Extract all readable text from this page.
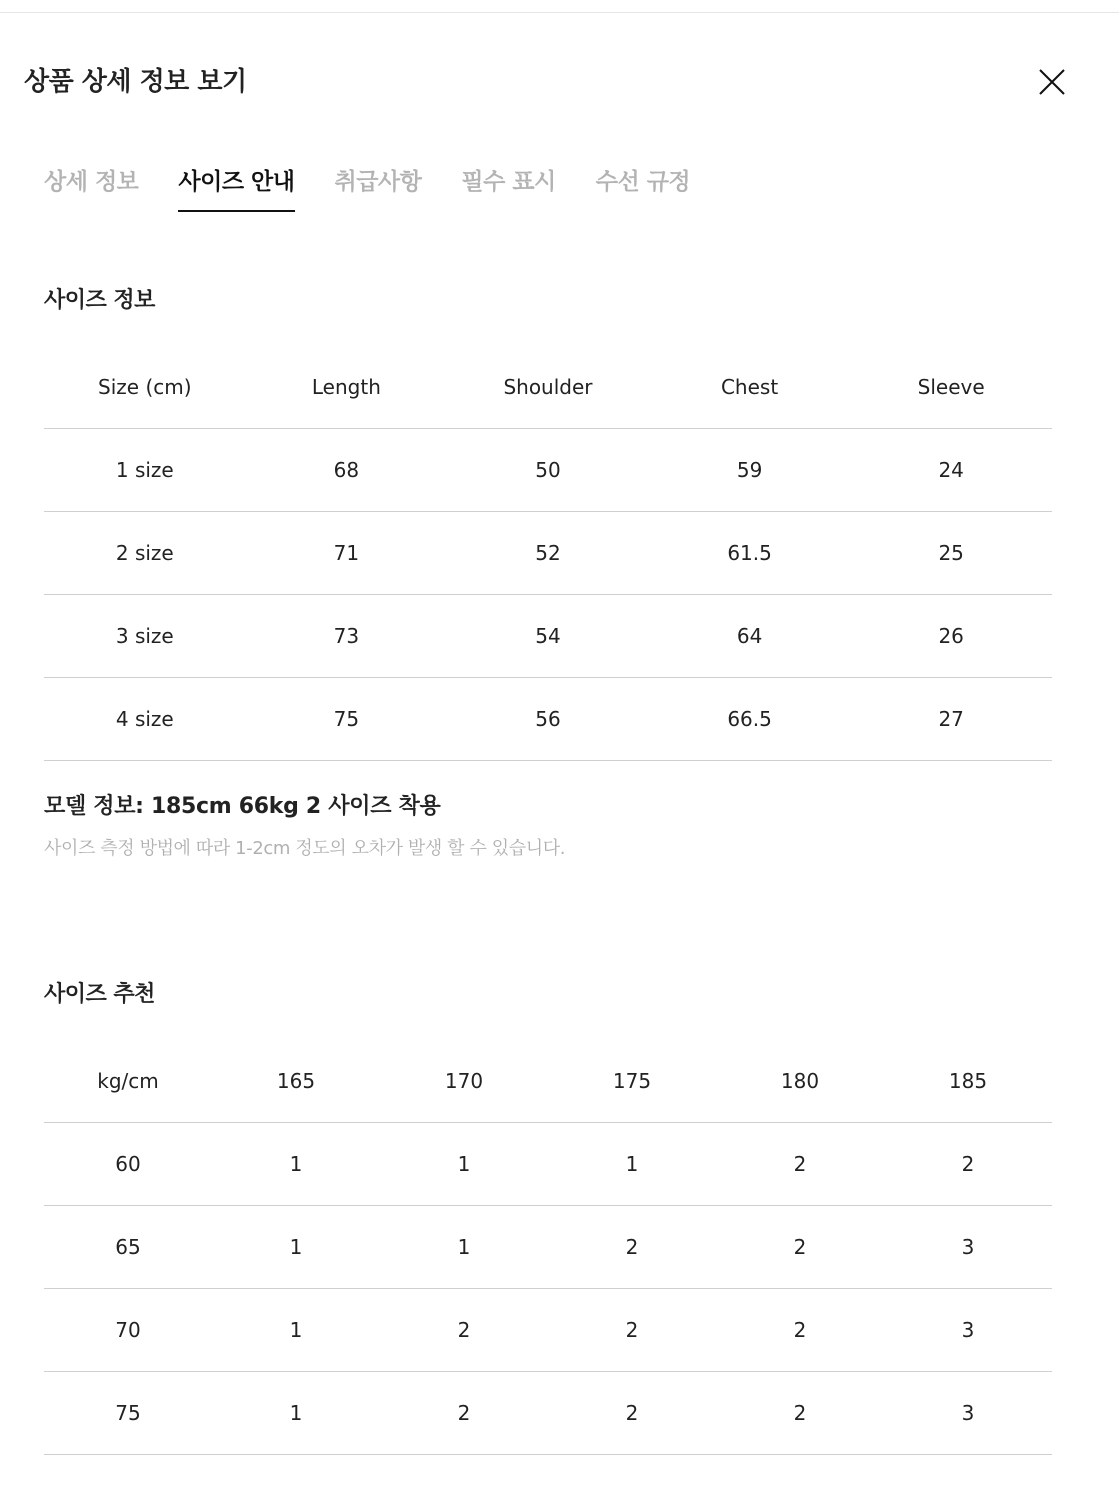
상품 상세 정보 보기
상세 정보 사이즈 안내 취급사항 필수 표시 수선 규정
사이즈 정보
Size (cm)	Length	Shoulder	Chest	Sleeve
1 size	68	50	59	24
2 size	71	52	61.5	25
3 size	73	54	64	26
4 size	75	56	66.5	27

모델 정보: 185cm 66kg 2 사이즈 착용

사이즈 측정 방법에 따라 1-2cm 정도의 오차가 발생 할 수 있습니다.

사이즈 추천
kg/cm	165	170	175	180	185
60	1	1	1	2	2
65	1	1	2	2	3
70	1	2	2	2	3
75	1	2	2	2	3
